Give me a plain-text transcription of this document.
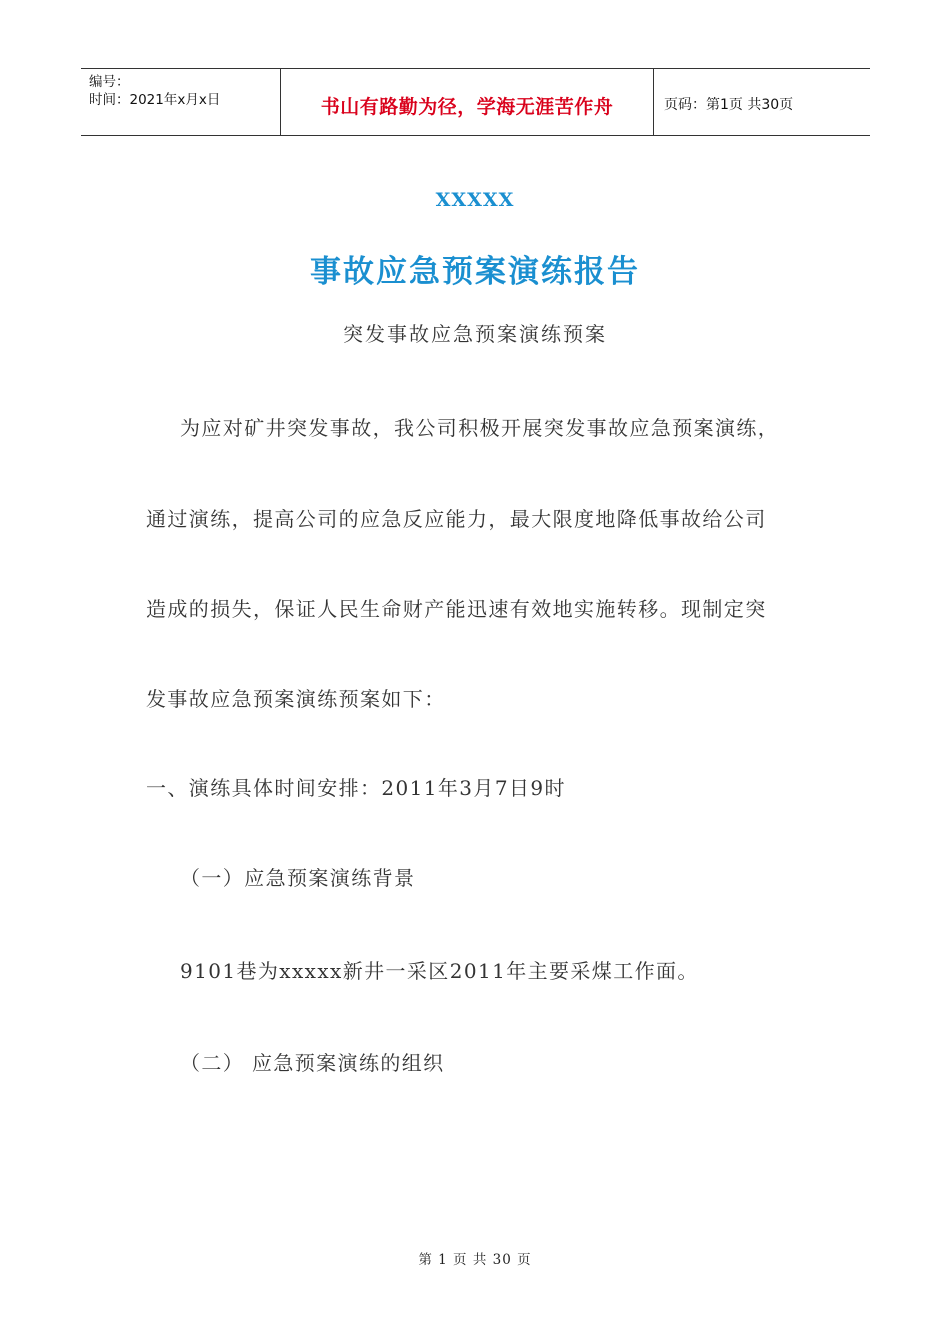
编号：
时间：2021年x月x日	书山有路勤为径，学海无涯苦作舟	页码：第1页 共30页
XXXXX
事故应急预案演练报告
突发事故应急预案演练预案
为应对矿井突发事故，我公司积极开展突发事故应急预案演练，
通过演练，提高公司的应急反应能力，最大限度地降低事故给公司
造成的损失，保证人民生命财产能迅速有效地实施转移。现制定突
发事故应急预案演练预案如下：
一、演练具体时间安排：2011年3月7日9时
（一）应急预案演练背景
9101巷为xxxxx新井一采区2011年主要采煤工作面。
（二） 应急预案演练的组织
第 1 页 共 30 页
